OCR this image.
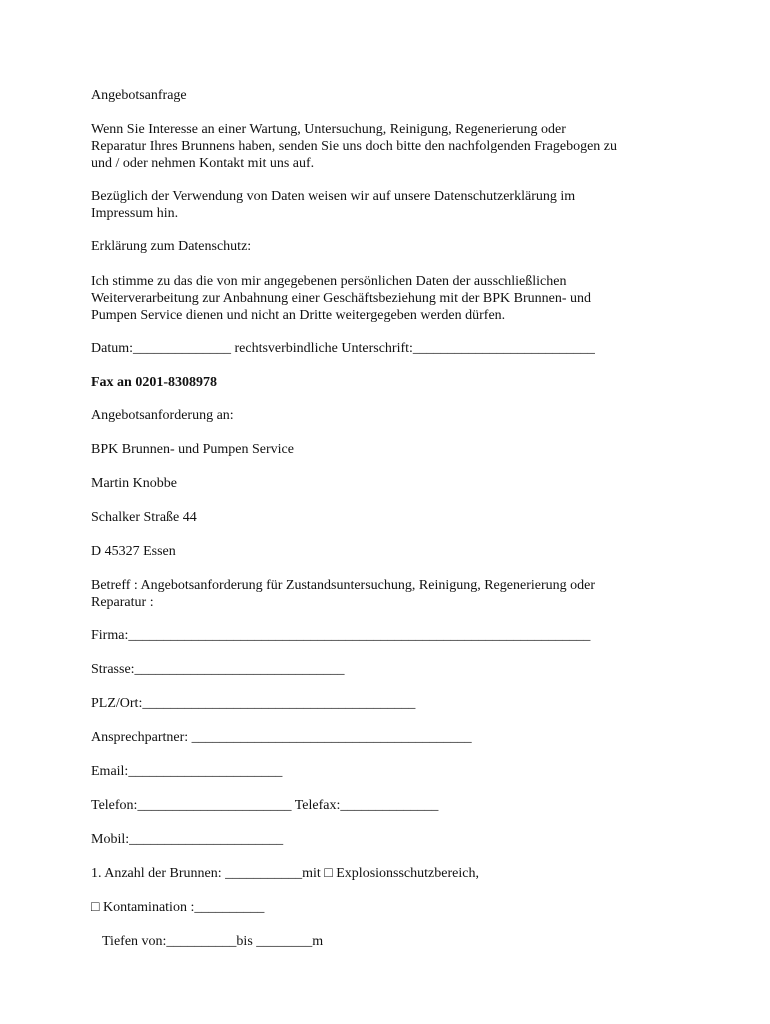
Angebotsanfrage
Wenn Sie Interesse an einer Wartung, Untersuchung, Reinigung, Regenerierung oder
Reparatur Ihres Brunnens haben, senden Sie uns doch bitte den nachfolgenden Fragebogen zu
und / oder nehmen Kontakt mit uns auf.
Bezüglich der Verwendung von Daten weisen wir auf unsere Datenschutzerklärung im
Impressum hin.
Erklärung zum Datenschutz:
Ich stimme zu das die von mir angegebenen persönlichen Daten der ausschließlichen
Weiterverarbeitung zur Anbahnung einer Geschäftsbeziehung mit der BPK Brunnen- und
Pumpen Service dienen und nicht an Dritte weitergegeben werden dürfen.
Datum:______________ rechtsverbindliche Unterschrift:__________________________
Fax an 0201-8308978
Angebotsanforderung an:
BPK Brunnen- und Pumpen Service
Martin Knobbe
Schalker Straße 44
D 45327 Essen
Betreff : Angebotsanforderung für Zustandsuntersuchung, Reinigung, Regenerierung oder
Reparatur :
Firma:__________________________________________________________________
Strasse:______________________________
PLZ/Ort:_______________________________________
Ansprechpartner: ________________________________________
Email:______________________
Telefon:______________________ Telefax:______________
Mobil:______________________
1. Anzahl der Brunnen: ___________mit □ Explosionsschutzbereich,
□ Kontamination :__________
Tiefen von:__________bis ________m
